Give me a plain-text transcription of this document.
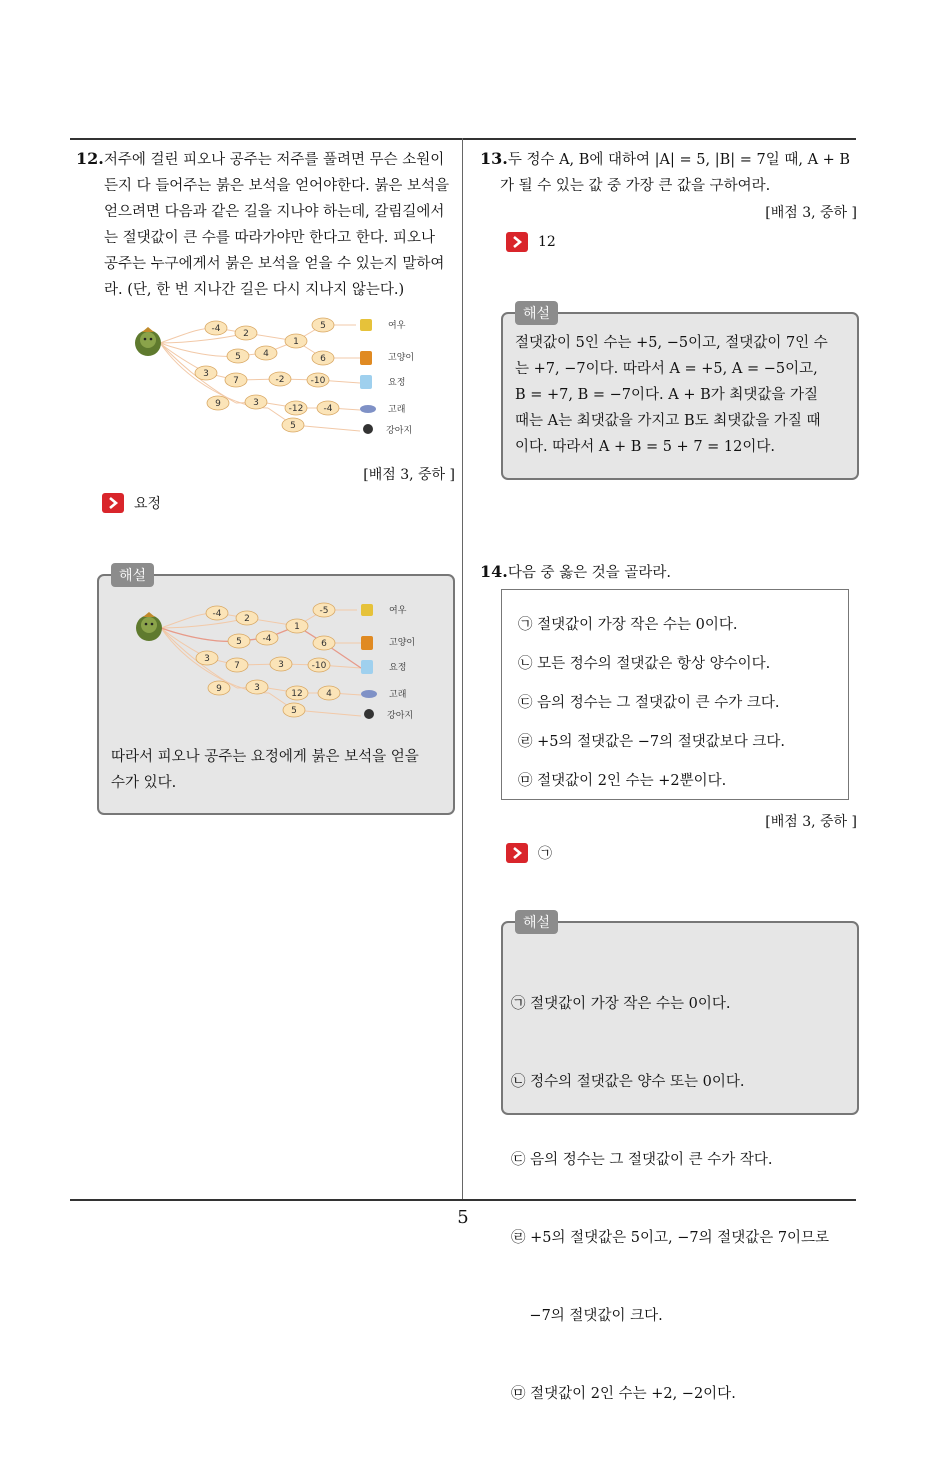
12.저주에 걸린 피오나 공주는 저주를 풀려면 무슨 소원이
든지 다 들어주는 붉은 보석을 얻어야한다. 붉은 보석을
얻으려면 다음과 같은 길을 지나야 하는데, 갈림길에서
는 절댓값이 큰 수를 따라가야만 한다고 한다. 피오나
공주는 누구에게서 붉은 보석을 얻을 수 있는지 말하여
라. (단, 한 번 지나간 길은 다시 지나지 않는다.)
-4	2
5 4
3
7
9	3
1
-2
-12
5
6
-10
-4
5
여우
고양이
요정
고래
강아지
[배점 3, 중하 ]
요정
해설
-4	2
5 -4
3
7
9	3
1
3
12
-5
6
-10
4
5
여우
고양이
요정
고래
강아지
따라서 피오나 공주는 요정에게 붉은 보석을 얻을
수가 있다.
13.두 정수 A, B에 대하여 |A| = 5, |B| = 7일 때, A + B
가 될 수 있는 값 중 가장 큰 값을 구하여라.
[배점 3, 중하 ]
12
해설
절댓값이 5인 수는 +5, −5이고, 절댓값이 7인 수
는 +7, −7이다. 따라서 A = +5, A = −5이고,
B = +7, B = −7이다. A + B가 최댓값을 가질
때는 A는 최댓값을 가지고 B도 최댓값을 가질 때
이다. 따라서 A + B = 5 + 7 = 12이다.
14.다음 중 옳은 것을 골라라.
㉠ 절댓값이 가장 작은 수는 0이다.
㉡ 모든 정수의 절댓값은 항상 양수이다.
㉢ 음의 정수는 그 절댓값이 큰 수가 크다.
㉣ +5의 절댓값은 −7의 절댓값보다 크다.
㉤ 절댓값이 2인 수는 +2뿐이다.
[배점 3, 중하 ]
㉠
해설

㉠ 절댓값이 가장 작은 수는 0이다.

㉡ 정수의 절댓값은 양수 또는 0이다.

㉢ 음의 정수는 그 절댓값이 큰 수가 작다.

㉣ +5의 절댓값은 5이고, −7의 절댓값은 7이므로

−7의 절댓값이 크다.

㉤ 절댓값이 2인 수는 +2, −2이다.

5
